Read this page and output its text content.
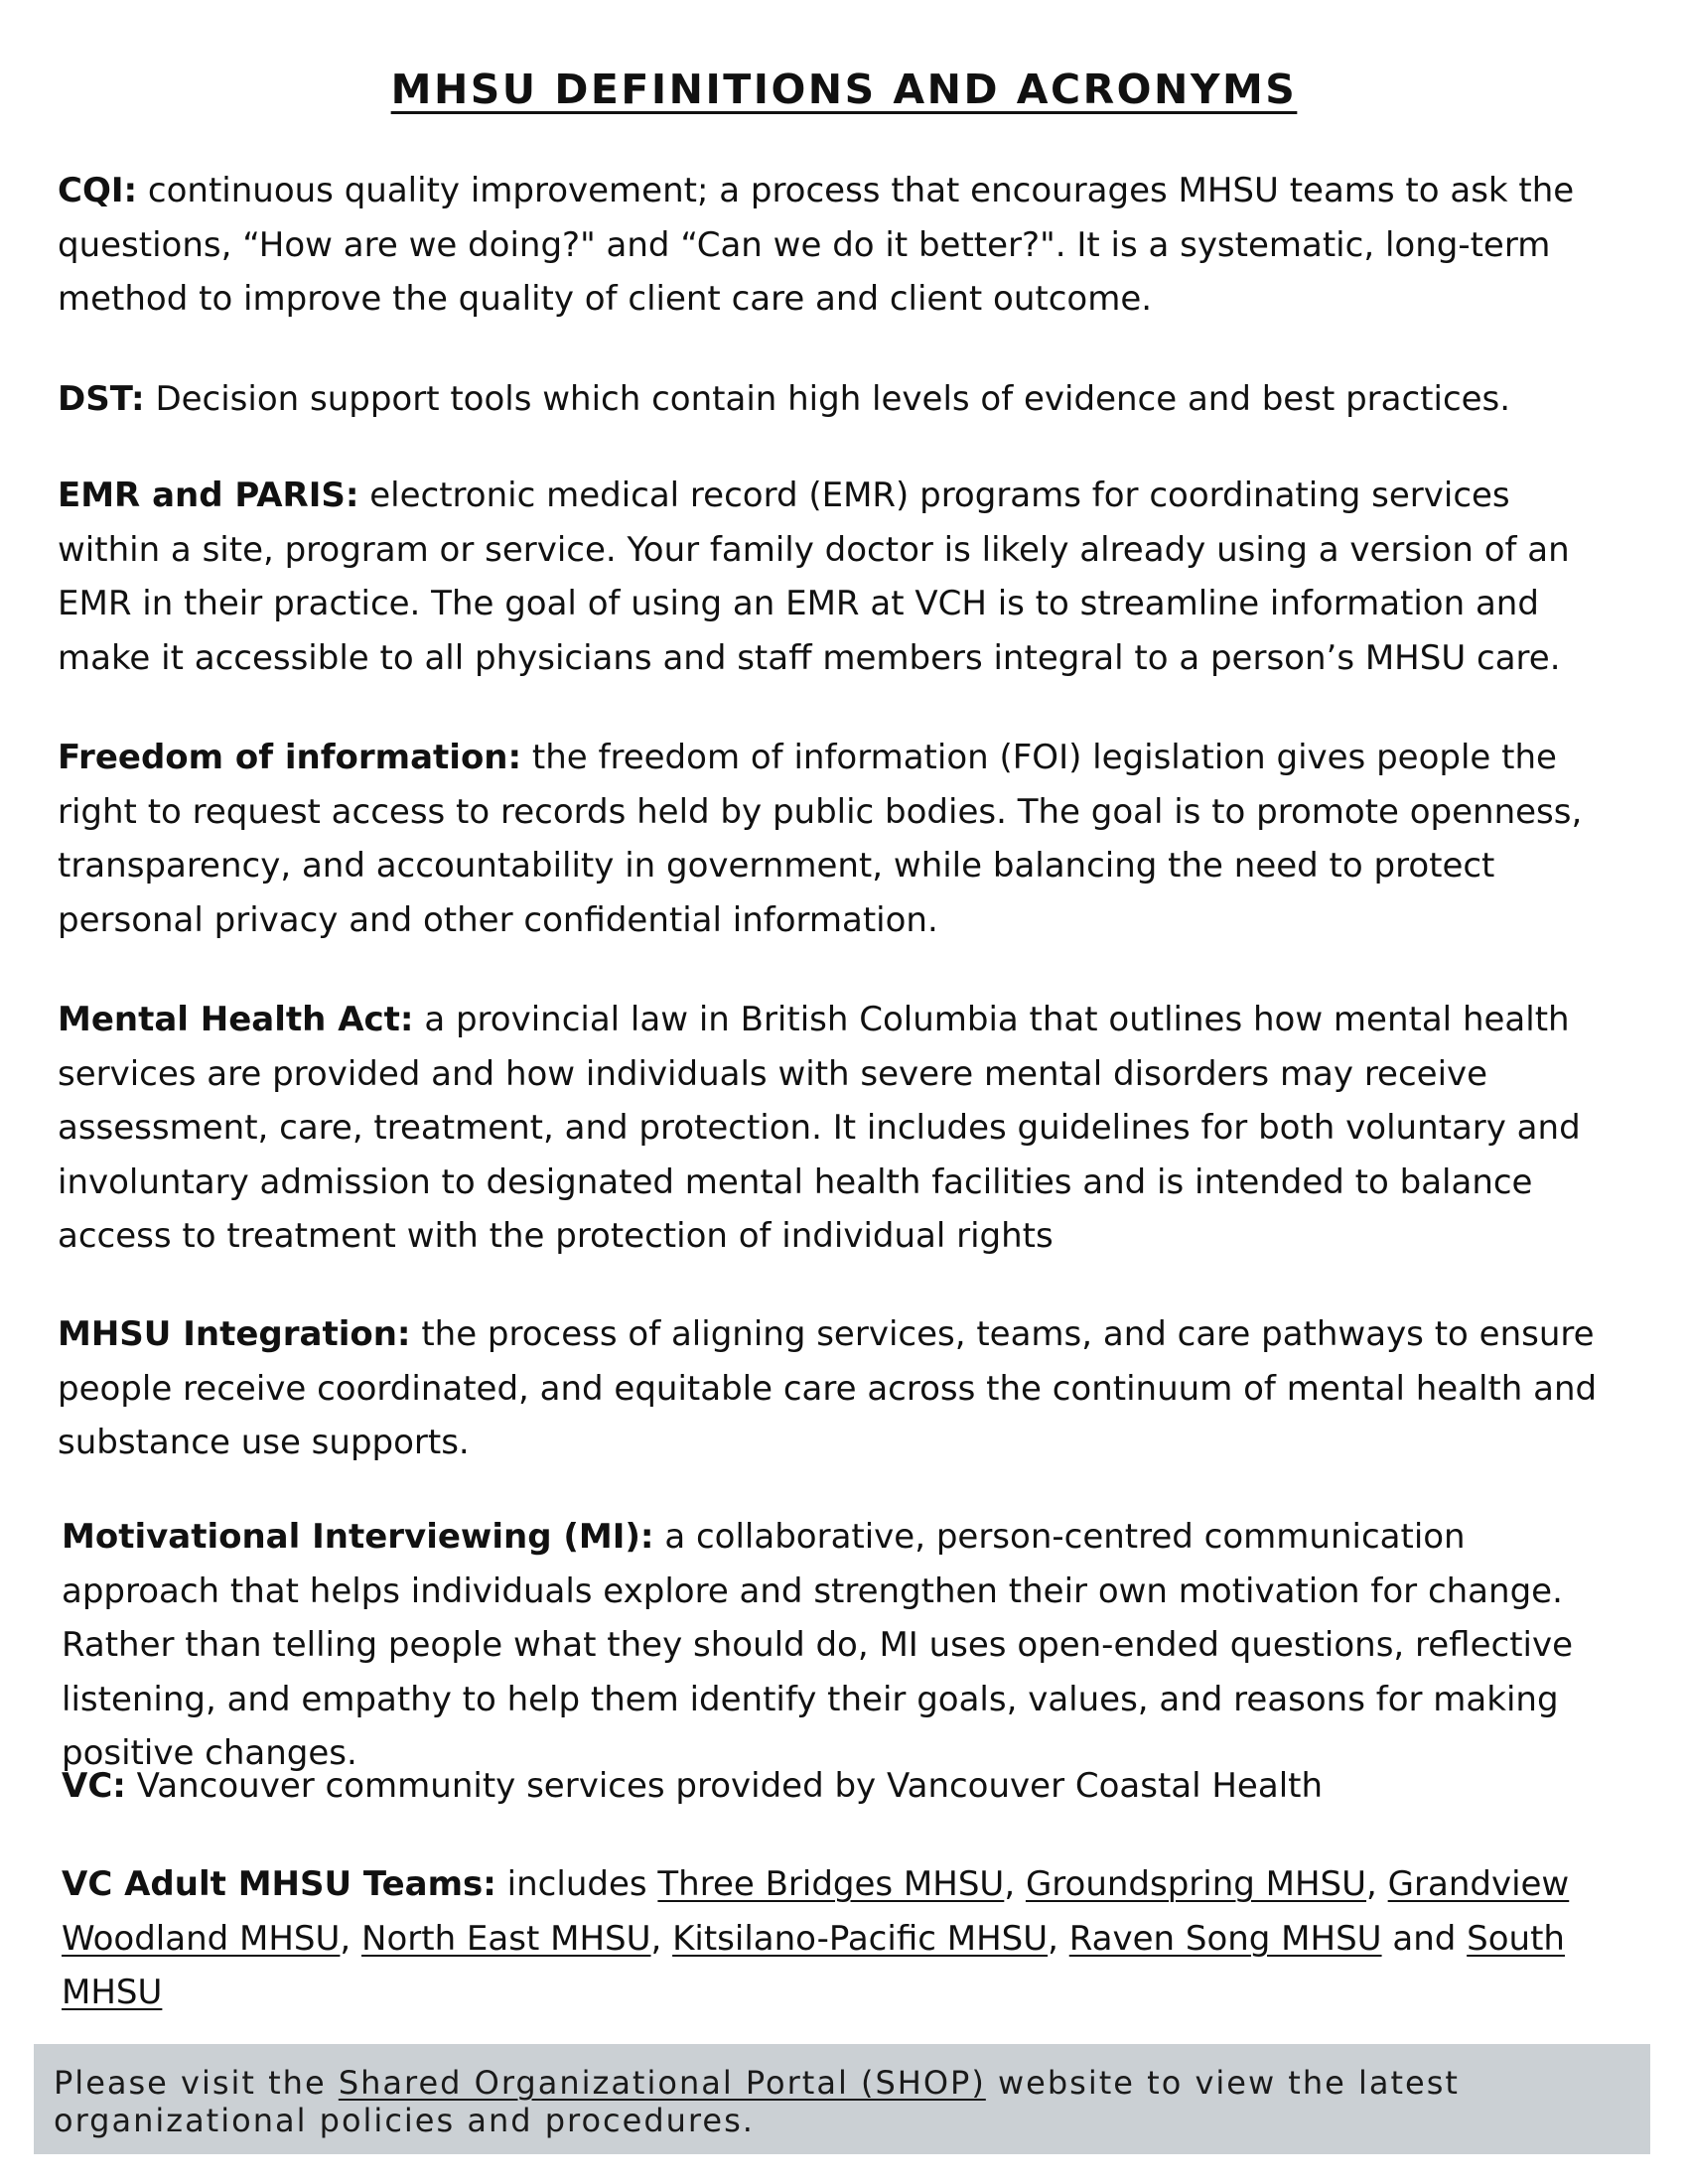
MHSU DEFINITIONS AND ACRONYMS

CQI: continuous quality improvement; a process that encourages MHSU teams to ask the questions, “How are we doing?" and “Can we do it better?". It is a systematic, long-term method to improve the quality of client care and client outcome.

DST: Decision support tools which contain high levels of evidence and best practices.

EMR and PARIS: electronic medical record (EMR) programs for coordinating services within a site, program or service. Your family doctor is likely already using a version of an EMR in their practice. The goal of using an EMR at VCH is to streamline information and make it accessible to all physicians and staff members integral to a person’s MHSU care.

Freedom of information: the freedom of information (FOI) legislation gives people the right to request access to records held by public bodies. The goal is to promote openness, transparency, and accountability in government, while balancing the need to protect personal privacy and other confidential information.

Mental Health Act: a provincial law in British Columbia that outlines how mental health services are provided and how individuals with severe mental disorders may receive assessment, care, treatment, and protection. It includes guidelines for both voluntary and involuntary admission to designated mental health facilities and is intended to balance access to treatment with the protection of individual rights

MHSU Integration: the process of aligning services, teams, and care pathways to ensure people receive coordinated, and equitable care across the continuum of mental health and substance use supports.

Motivational Interviewing (MI): a collaborative, person-centred communication approach that helps individuals explore and strengthen their own motivation for change. Rather than telling people what they should do, MI uses open-ended questions, reflective listening, and empathy to help them identify their goals, values, and reasons for making positive changes.

VC: Vancouver community services provided by Vancouver Coastal Health

VC Adult MHSU Teams: includes Three Bridges MHSU, Groundspring MHSU, Grandview Woodland MHSU, North East MHSU, Kitsilano-Pacific MHSU, Raven Song MHSU and South MHSU

Please visit the Shared Organizational Portal (SHOP) website to view the latest organizational policies and procedures.
